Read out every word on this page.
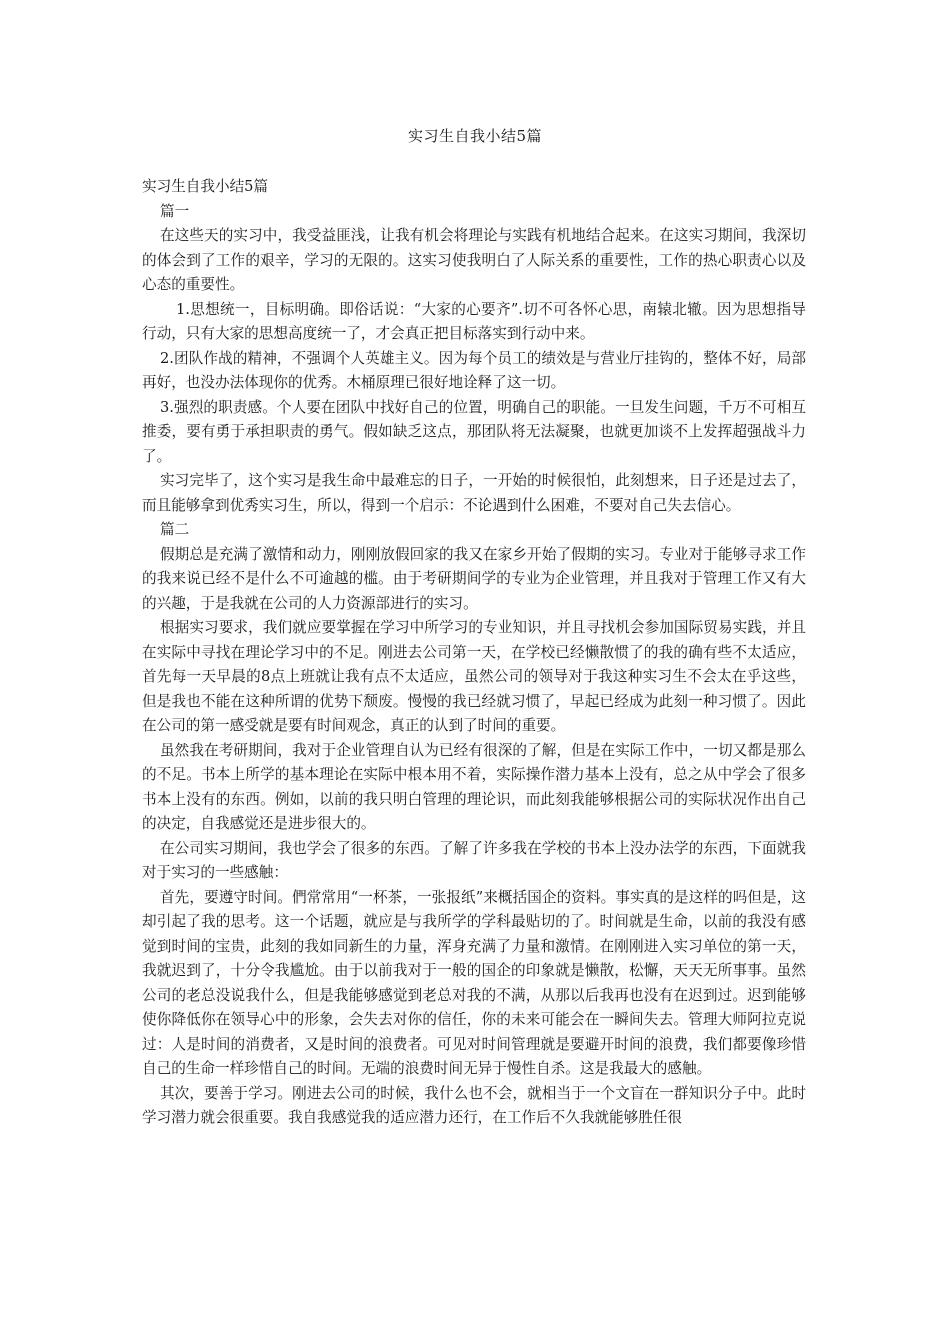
实习生自我小结5篇

实习生自我小结5篇

篇一

在这些天的实习中，我受益匪浅，让我有机会将理论与实践有机地结合起来。在这实习期间，我深切的体会到了工作的艰辛，学习的无限的。这实习使我明白了人际关系的重要性，工作的热心职责心以及心态的重要性。

1.思想统一，目标明确。即俗话说：“大家的心要齐”.切不可各怀心思，南辕北辙。因为思想指导行动，只有大家的思想高度统一了，才会真正把目标落实到行动中来。

2.团队作战的精神，不强调个人英雄主义。因为每个员工的绩效是与营业厅挂钩的，整体不好，局部再好，也没办法体现你的优秀。木桶原理已很好地诠释了这一切。

3.强烈的职责感。个人要在团队中找好自己的位置，明确自己的职能。一旦发生问题，千万不可相互推委，要有勇于承担职责的勇气。假如缺乏这点，那团队将无法凝聚，也就更加谈不上发挥超强战斗力了。

实习完毕了，这个实习是我生命中最难忘的日子，一开始的时候很怕，此刻想来，日子还是过去了，而且能够拿到优秀实习生，所以，得到一个启示：不论遇到什么困难，不要对自己失去信心。

篇二

假期总是充满了激情和动力，刚刚放假回家的我又在家乡开始了假期的实习。专业对于能够寻求工作的我来说已经不是什么不可逾越的槛。由于考研期间学的专业为企业管理，并且我对于管理工作又有大的兴趣，于是我就在公司的人力资源部进行的实习。

根据实习要求，我们就应要掌握在学习中所学习的专业知识，并且寻找机会参加国际贸易实践，并且在实际中寻找在理论学习中的不足。刚进去公司第一天，在学校已经懒散惯了的我的确有些不太适应，首先每一天早晨的8点上班就让我有点不太适应，虽然公司的领导对于我这种实习生不会太在乎这些，但是我也不能在这种所谓的优势下颓废。慢慢的我已经就习惯了，早起已经成为此刻一种习惯了。因此在公司的第一感受就是要有时间观念，真正的认到了时间的重要。

虽然我在考研期间，我对于企业管理自认为已经有很深的了解，但是在实际工作中，一切又都是那么的不足。书本上所学的基本理论在实际中根本用不着，实际操作潜力基本上没有，总之从中学会了很多书本上没有的东西。例如，以前的我只明白管理的理论识，而此刻我能够根据公司的实际状况作出自己的决定，自我感觉还是进步很大的。

在公司实习期间，我也学会了很多的东西。了解了许多我在学校的书本上没办法学的东西，下面就我对于实习的一些感触：

首先，要遵守时间。們常常用“一杯茶，一张报纸”来概括国企的资料。事实真的是这样的吗但是，这却引起了我的思考。这一个话题，就应是与我所学的学科最贴切的了。时间就是生命，以前的我没有感觉到时间的宝贵，此刻的我如同新生的力量，浑身充满了力量和激情。在刚刚进入实习单位的第一天，我就迟到了，十分令我尴尬。由于以前我对于一般的国企的印象就是懒散，松懈，天天无所事事。虽然公司的老总没说我什么，但是我能够感觉到老总对我的不满，从那以后我再也没有在迟到过。迟到能够使你降低你在领导心中的形象，会失去对你的信任，你的未来可能会在一瞬间失去。管理大师阿拉克说过：人是时间的消费者，又是时间的浪费者。可见对时间管理就是要避开时间的浪费，我们都要像珍惜自己的生命一样珍惜自己的时间。无端的浪费时间无异于慢性自杀。这是我最大的感触。

其次，要善于学习。刚进去公司的时候，我什么也不会，就相当于一个文盲在一群知识分子中。此时学习潜力就会很重要。我自我感觉我的适应潜力还行，在工作后不久我就能够胜任很
